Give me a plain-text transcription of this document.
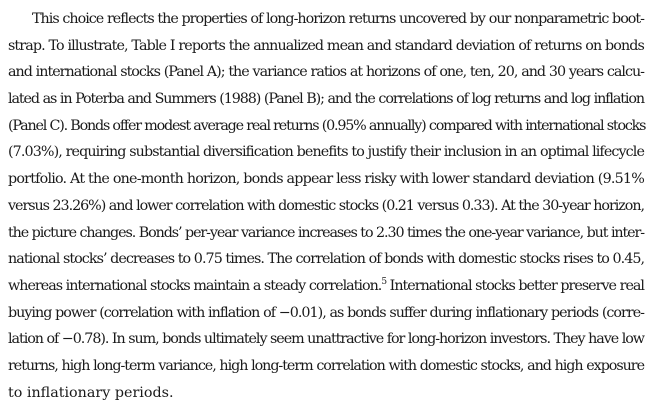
This choice reflects the properties of long-horizon returns uncovered by our nonparametric boot-
strap. To illustrate, Table I reports the annualized mean and standard deviation of returns on bonds
and international stocks (Panel A); the variance ratios at horizons of one, ten, 20, and 30 years calcu-
lated as in Poterba and Summers (1988) (Panel B); and the correlations of log returns and log inflation
(Panel C). Bonds offer modest average real returns (0.95% annually) compared with international stocks
(7.03%), requiring substantial diversification benefits to justify their inclusion in an optimal lifecycle
portfolio. At the one-month horizon, bonds appear less risky with lower standard deviation (9.51%
versus 23.26%) and lower correlation with domestic stocks (0.21 versus 0.33). At the 30-year horizon,
the picture changes. Bonds’ per-year variance increases to 2.30 times the one-year variance, but inter-
national stocks’ decreases to 0.75 times. The correlation of bonds with domestic stocks rises to 0.45,
whereas international stocks maintain a steady correlation.$^5$ International stocks better preserve real
buying power (correlation with inflation of −0.01), as bonds suffer during inflationary periods (corre-
lation of −0.78). In sum, bonds ultimately seem unattractive for long-horizon investors. They have low
returns, high long-term variance, high long-term correlation with domestic stocks, and high exposure
to inflationary periods.
